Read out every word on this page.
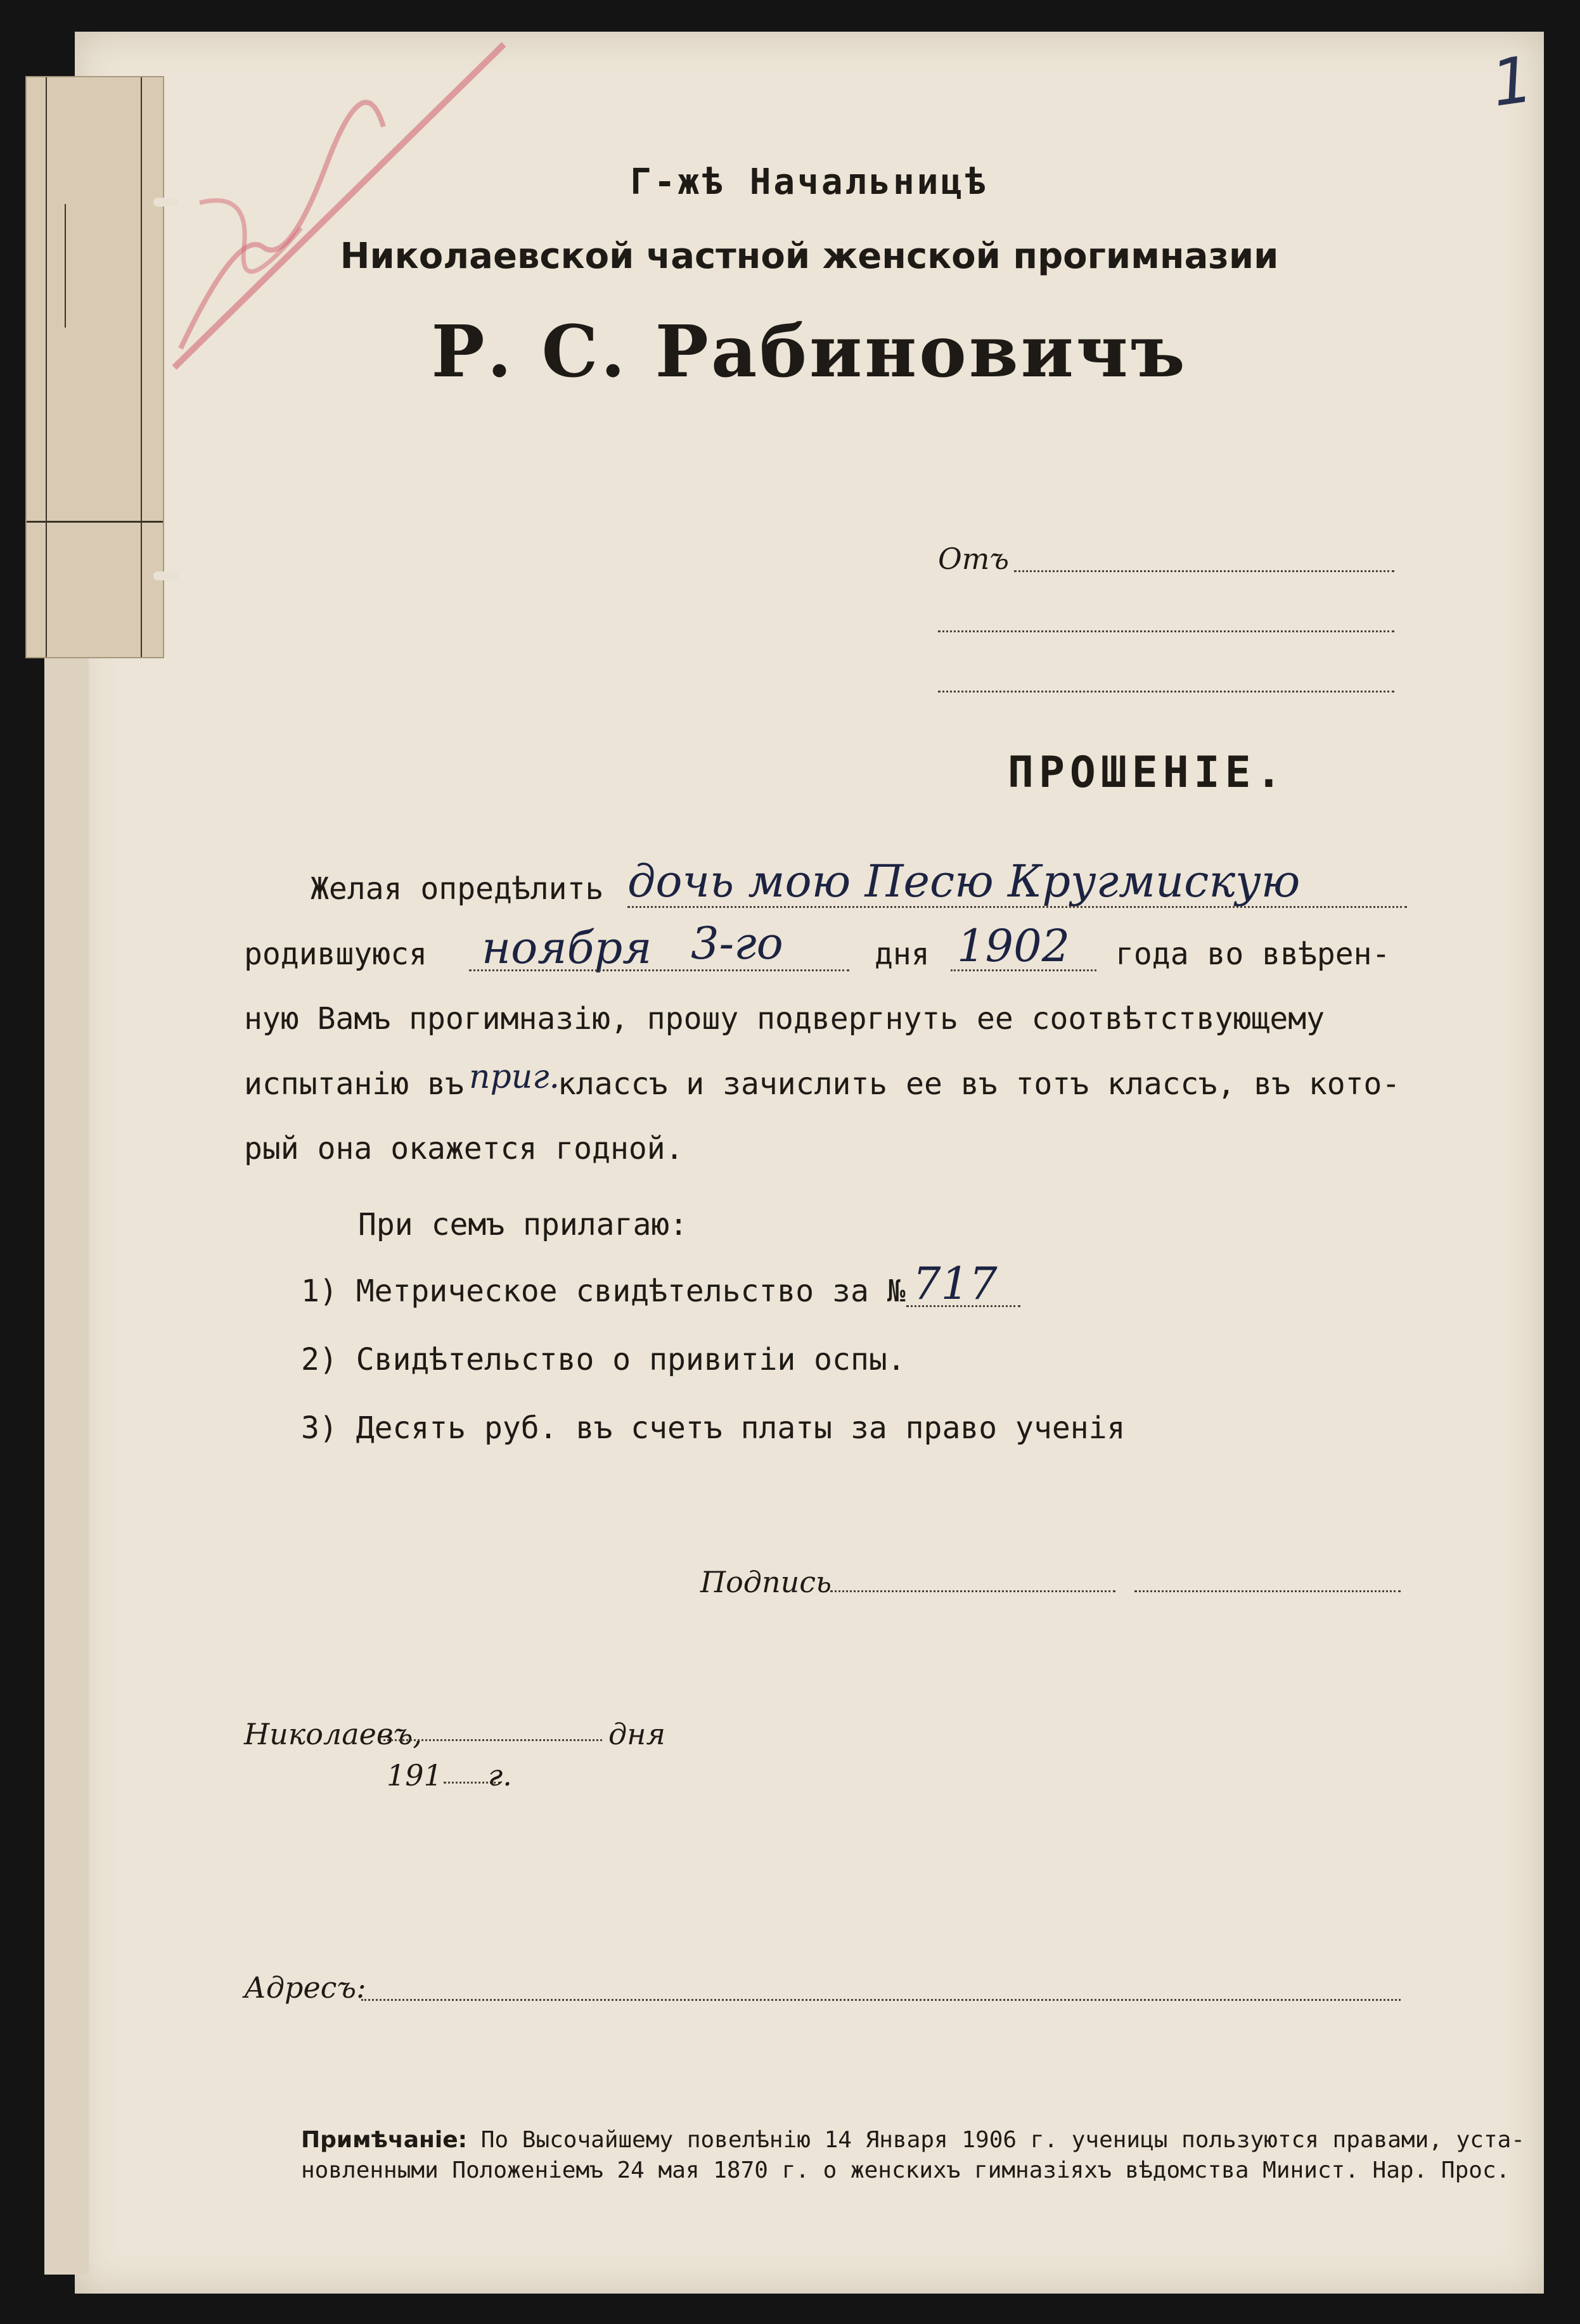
1
Г-жѣ Начальницѣ
Николаевской частной женской прогимназии
Р. С. Рабиновичъ
Отъ
ПРОШЕНІЕ.
Желая опредѣлить дочь мою Песю Кругмискую
родившуюся ноября 3-го	дня 1902 года во ввѣрен-
ную Вамъ прогимназію, прошу подвергнуть ее соотвѣтствующему
испытанію въ приг.
классъ и зачислить ее въ тотъ классъ, въ кото-
рый она окажется годной.
При семъ прилагаю:
1) Метрическое свидѣтельство за № 717
2) Свидѣтельство о привитіи оспы.
3) Десять руб. въ счетъ платы за право ученія
Подпись
Николаевъ,	дня
191 г.
Адресъ:
Примѣчаніе: По Высочайшему повелѣнію 14 Января 1906 г. ученицы пользуются правами, уста-
новленными Положеніемъ 24 мая 1870 г. о женскихъ гимназіяхъ вѣдомства Минист. Нар. Прос.
